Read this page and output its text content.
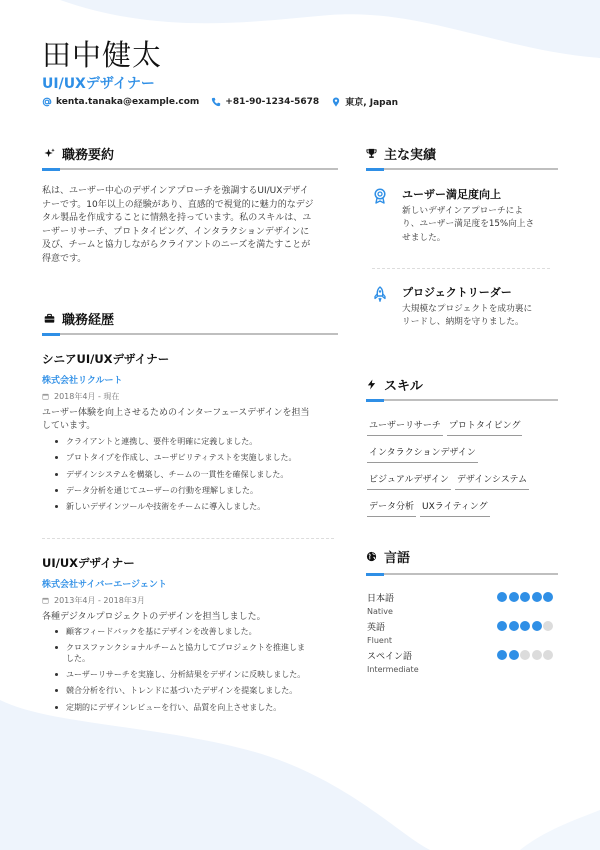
田中健太
UI/UXデザイナー
kenta.tanaka@example.com	+81-90-1234-5678	東京, Japan
職務要約
私は、ユーザー中心のデザインアプローチを強調するUI/UXデザイ
ナーです。10年以上の経験があり、直感的で視覚的に魅力的なデジ
タル製品を作成することに情熱を持っています。私のスキルは、ユ
ーザーリサーチ、プロトタイピング、インタラクションデザインに
及び、チームと協力しながらクライアントのニーズを満たすことが
得意です。
職務経歴
シニアUI/UXデザイナー
株式会社リクルート
2018年4月 - 現在
ユーザー体験を向上させるためのインターフェースデザインを担当
しています。
クライアントと連携し、要件を明確に定義しました。
プロトタイプを作成し、ユーザビリティテストを実施しました。
デザインシステムを構築し、チームの一貫性を確保しました。
データ分析を通じてユーザーの行動を理解しました。
新しいデザインツールや技術をチームに導入しました。
UI/UXデザイナー
株式会社サイバーエージェント
2013年4月 - 2018年3月
各種デジタルプロジェクトのデザインを担当しました。
顧客フィードバックを基にデザインを改善しました。
クロスファンクショナルチームと協力してプロジェクトを推進しま
した。
ユーザーリサーチを実施し、分析結果をデザインに反映しました。
競合分析を行い、トレンドに基づいたデザインを提案しました。
定期的にデザインレビューを行い、品質を向上させました。
主な実績
ユーザー満足度向上
新しいデザインアプローチによ
り、ユーザー満足度を15%向上さ
せました。
プロジェクトリーダー
大規模なプロジェクトを成功裏に
リードし、納期を守りました。
スキル
ユーザーリサーチ プロトタイピング
インタラクションデザイン
ビジュアルデザイン デザインシステム
データ分析 UXライティング
言語
日本語
Native
英語
Fluent
スペイン語
Intermediate
